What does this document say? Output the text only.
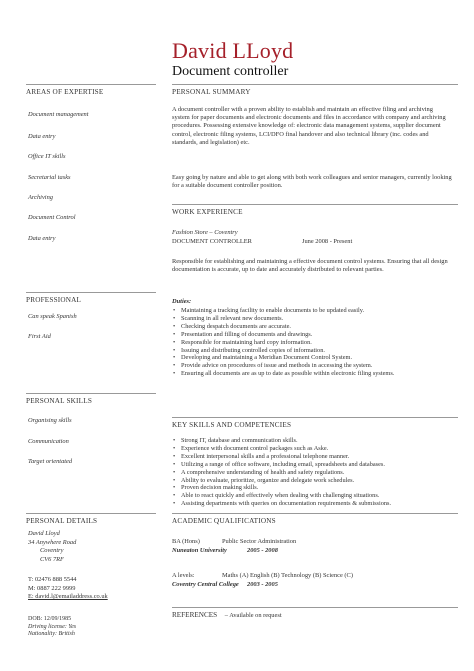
David LLoyd
Document controller
AREAS OF EXPERTISE
Document management
Data entry
Office IT skills
Secretarial tasks
Archiving
Document Control
Data entry
PROFESSIONAL
Can speak Spanish
First Aid
PERSONAL SKILLS
Organising skills
Communication
Target orientated
PERSONAL DETAILS
David Lloyd
34 Anywhere Road
Coventry
CV6 7RF
T: 02476 888 5544
M: 0887 222 9999
E: david.l@emailaddress.co.uk
DOB: 12/09/1985
Driving license: Yes
Nationality: British
PERSONAL SUMMARY
A document controller with a proven ability to establish and maintain an effective filing and archiving system for paper documents and electronic documents and files in accordance with company and archiving procedures. Possessing extensive knowledge of: electronic data management systems, supplier document control, electronic filing systems, LCI/DFO final handover and also technical library (inc. codes and standards, and legislation) etc.
Easy going by nature and able to get along with both work colleagues and senior managers, currently looking for a suitable document controller position.
WORK EXPERIENCE
Fashion Store – Coventry
DOCUMENT CONTROLLER	June 2008 - Present
Responsible for establishing and maintaining a effective document control systems. Ensuring that all design documentation is accurate, up to date and accurately distributed to relevant parties.
Duties:
• Maintaining a tracking facility to enable documents to be updated easily.
• Scanning in all relevant new documents.
• Checking despatch documents are accurate.
• Presentation and filling of documents and drawings.
• Responsible for maintaining hard copy information.
• Issuing and distributing controlled copies of information.
• Developing and maintaining a Meridian Document Control System.
• Provide advice on procedures of issue and methods in accessing the system.
• Ensuring all documents are as up to date as possible within electronic filing systems.
KEY SKILLS AND COMPETENCIES
• Strong IT, database and communication skills.
• Experience with document control packages such as Aske.
• Excellent interpersonal skills and a professional telephone manner.
• Utilizing a range of office software, including email, spreadsheets and databases.
• A comprehensive understanding of health and safety regulations.
• Ability to evaluate, prioritize, organize and delegate work schedules.
• Proven decision making skills.
• Able to react quickly and effectively when dealing with challenging situations.
• Assisting departments with queries on documentation requirements & submissions.
ACADEMIC QUALIFICATIONS
BA (Hons)	Public Sector Administration
Nuneaton University	2005 - 2008
A levels:	Maths (A) English (B) Technology (B) Science (C)
Coventry Central College 2003 - 2005
REFERENCES – Available on request
